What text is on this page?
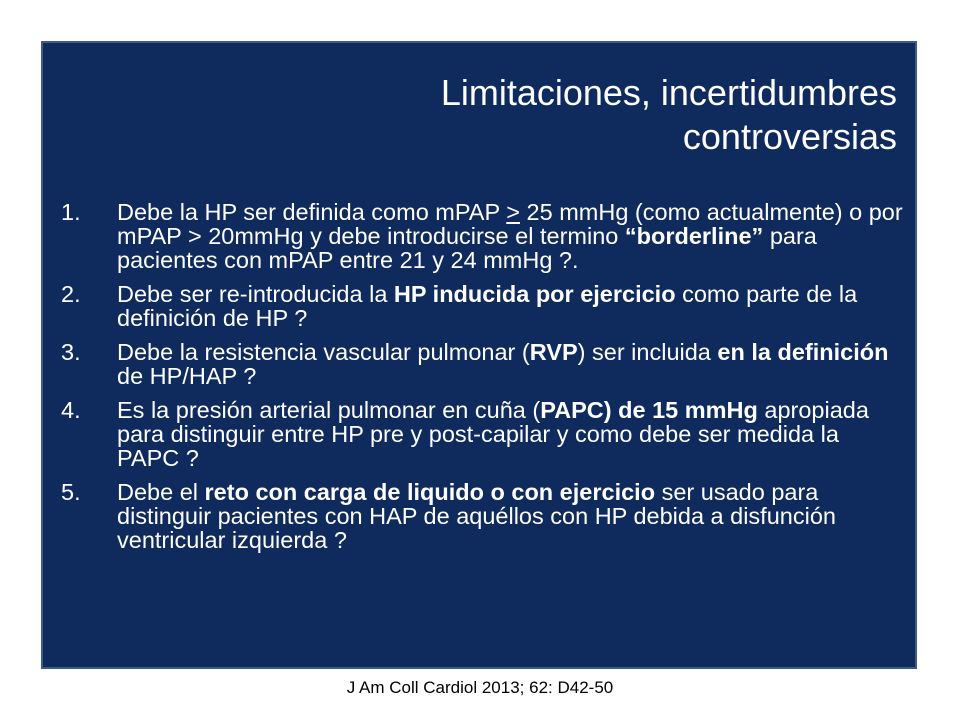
Limitaciones, incertidumbres
controversias
1.	Debe la HP ser definida como mPAP ≥ 25 mmHg (como actualmente) o por mPAP > 20mmHg y debe introducirse el termino “borderline” para pacientes con mPAP entre 21 y 24 mmHg ?.
2.	Debe ser re-introducida la HP inducida por ejercicio como parte de la definición de HP ?
3.	Debe la resistencia vascular pulmonar (RVP) ser incluida en la definición de HP/HAP ?
4.	Es la presión arterial pulmonar en cuña (PAPC) de 15 mmHg apropiada para distinguir entre HP pre y post-capilar y como debe ser medida la PAPC ?
5.	Debe el reto con carga de liquido o con ejercicio ser usado para distinguir pacientes con HAP de aquéllos con HP debida a disfunción ventricular izquierda ?
J Am Coll Cardiol 2013; 62: D42-50
